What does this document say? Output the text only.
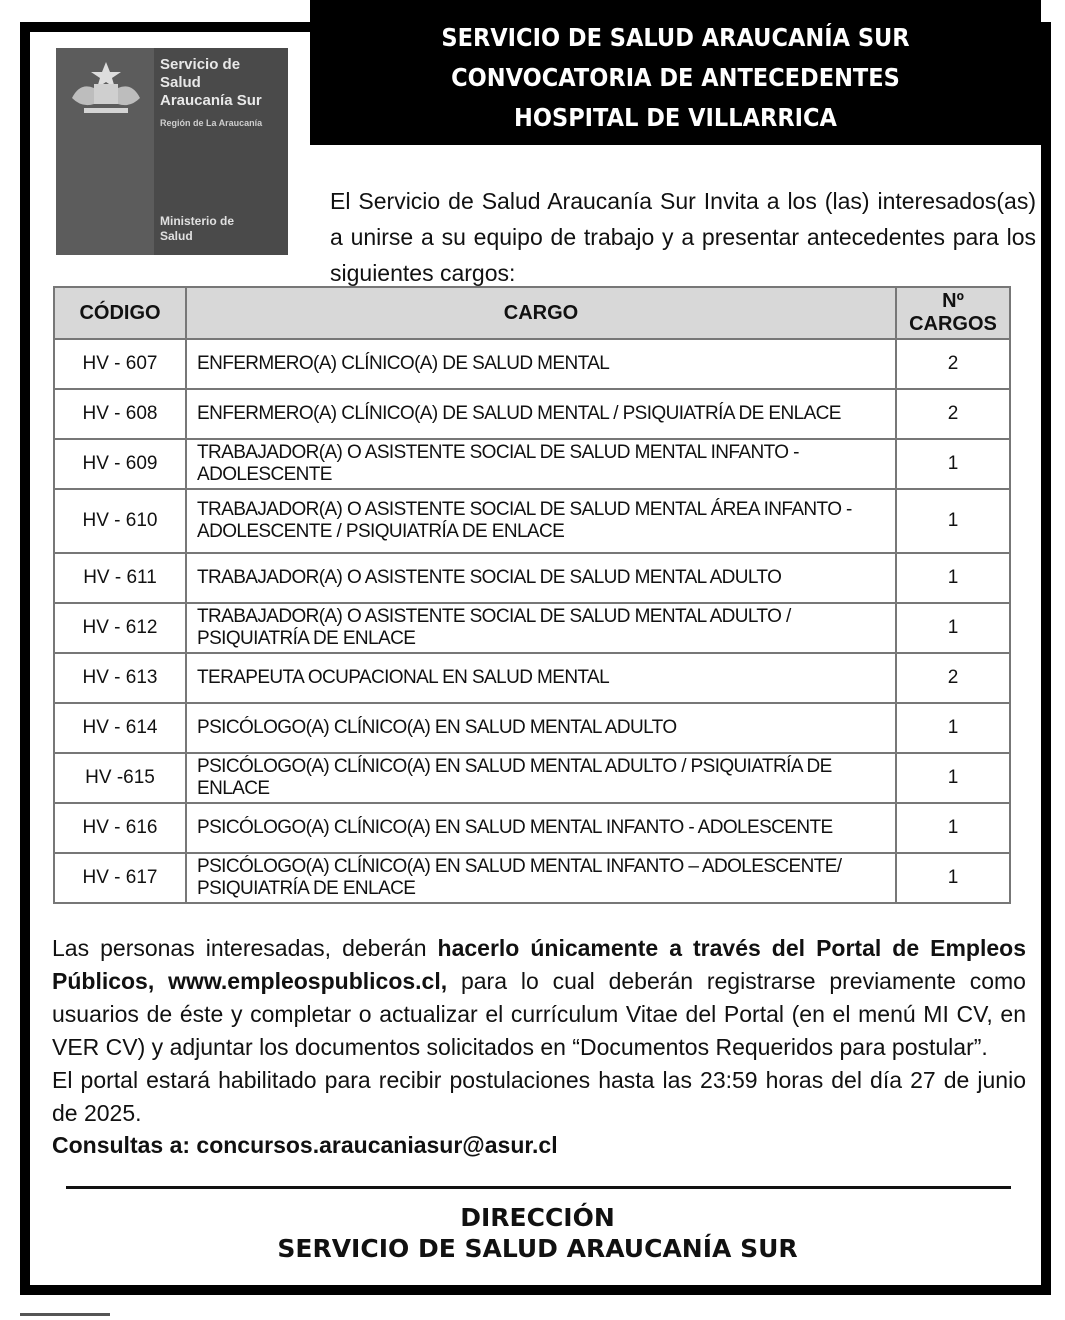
SERVICIO DE SALUD ARAUCANÍA SUR
CONVOCATORIA DE ANTECEDENTES
HOSPITAL DE VILLARRICA
Servicio de
Salud
Araucanía Sur
Región de La Araucanía
Ministerio de
Salud
El Servicio de Salud Araucanía Sur Invita a los (las) interesados(as) a unirse a su equipo de trabajo y a presentar antecedentes para los siguientes cargos:
CÓDIGO	CARGO	Nº CARGOS
HV - 607	ENFERMERO(A) CLÍNICO(A) DE SALUD MENTAL	2
HV - 608	ENFERMERO(A) CLÍNICO(A) DE SALUD MENTAL / PSIQUIATRÍA DE ENLACE	2
HV - 609	TRABAJADOR(A) O ASISTENTE SOCIAL DE SALUD MENTAL INFANTO - ADOLESCENTE	1
HV - 610	TRABAJADOR(A) O ASISTENTE SOCIAL DE SALUD MENTAL ÁREA INFANTO - ADOLESCENTE / PSIQUIATRÍA DE ENLACE	1
HV - 611	TRABAJADOR(A) O ASISTENTE SOCIAL DE SALUD MENTAL ADULTO	1
HV - 612	TRABAJADOR(A) O ASISTENTE SOCIAL DE SALUD MENTAL ADULTO / PSIQUIATRÍA DE ENLACE	1
HV - 613	TERAPEUTA OCUPACIONAL EN SALUD MENTAL	2
HV - 614	PSICÓLOGO(A) CLÍNICO(A) EN SALUD MENTAL ADULTO	1
HV -615	PSICÓLOGO(A) CLÍNICO(A) EN SALUD MENTAL ADULTO / PSIQUIATRÍA DE ENLACE	1
HV - 616	PSICÓLOGO(A) CLÍNICO(A) EN SALUD MENTAL INFANTO - ADOLESCENTE	1
HV - 617	PSICÓLOGO(A) CLÍNICO(A) EN SALUD MENTAL INFANTO – ADOLESCENTE/ PSIQUIATRÍA DE ENLACE	1
Las personas interesadas, deberán hacerlo únicamente a través del Portal de Empleos Públicos, www.empleospublicos.cl, para lo cual deberán registrarse previamente como usuarios de éste y completar o actualizar el currículum Vitae del Portal (en el menú MI CV, en VER CV) y adjuntar los documentos solicitados en “Documentos Requeridos para postular”.
El portal estará habilitado para recibir postulaciones hasta las 23:59 horas del día 27 de junio de 2025.
Consultas a: concursos.araucaniasur@asur.cl
DIRECCIÓN
SERVICIO DE SALUD ARAUCANÍA SUR
